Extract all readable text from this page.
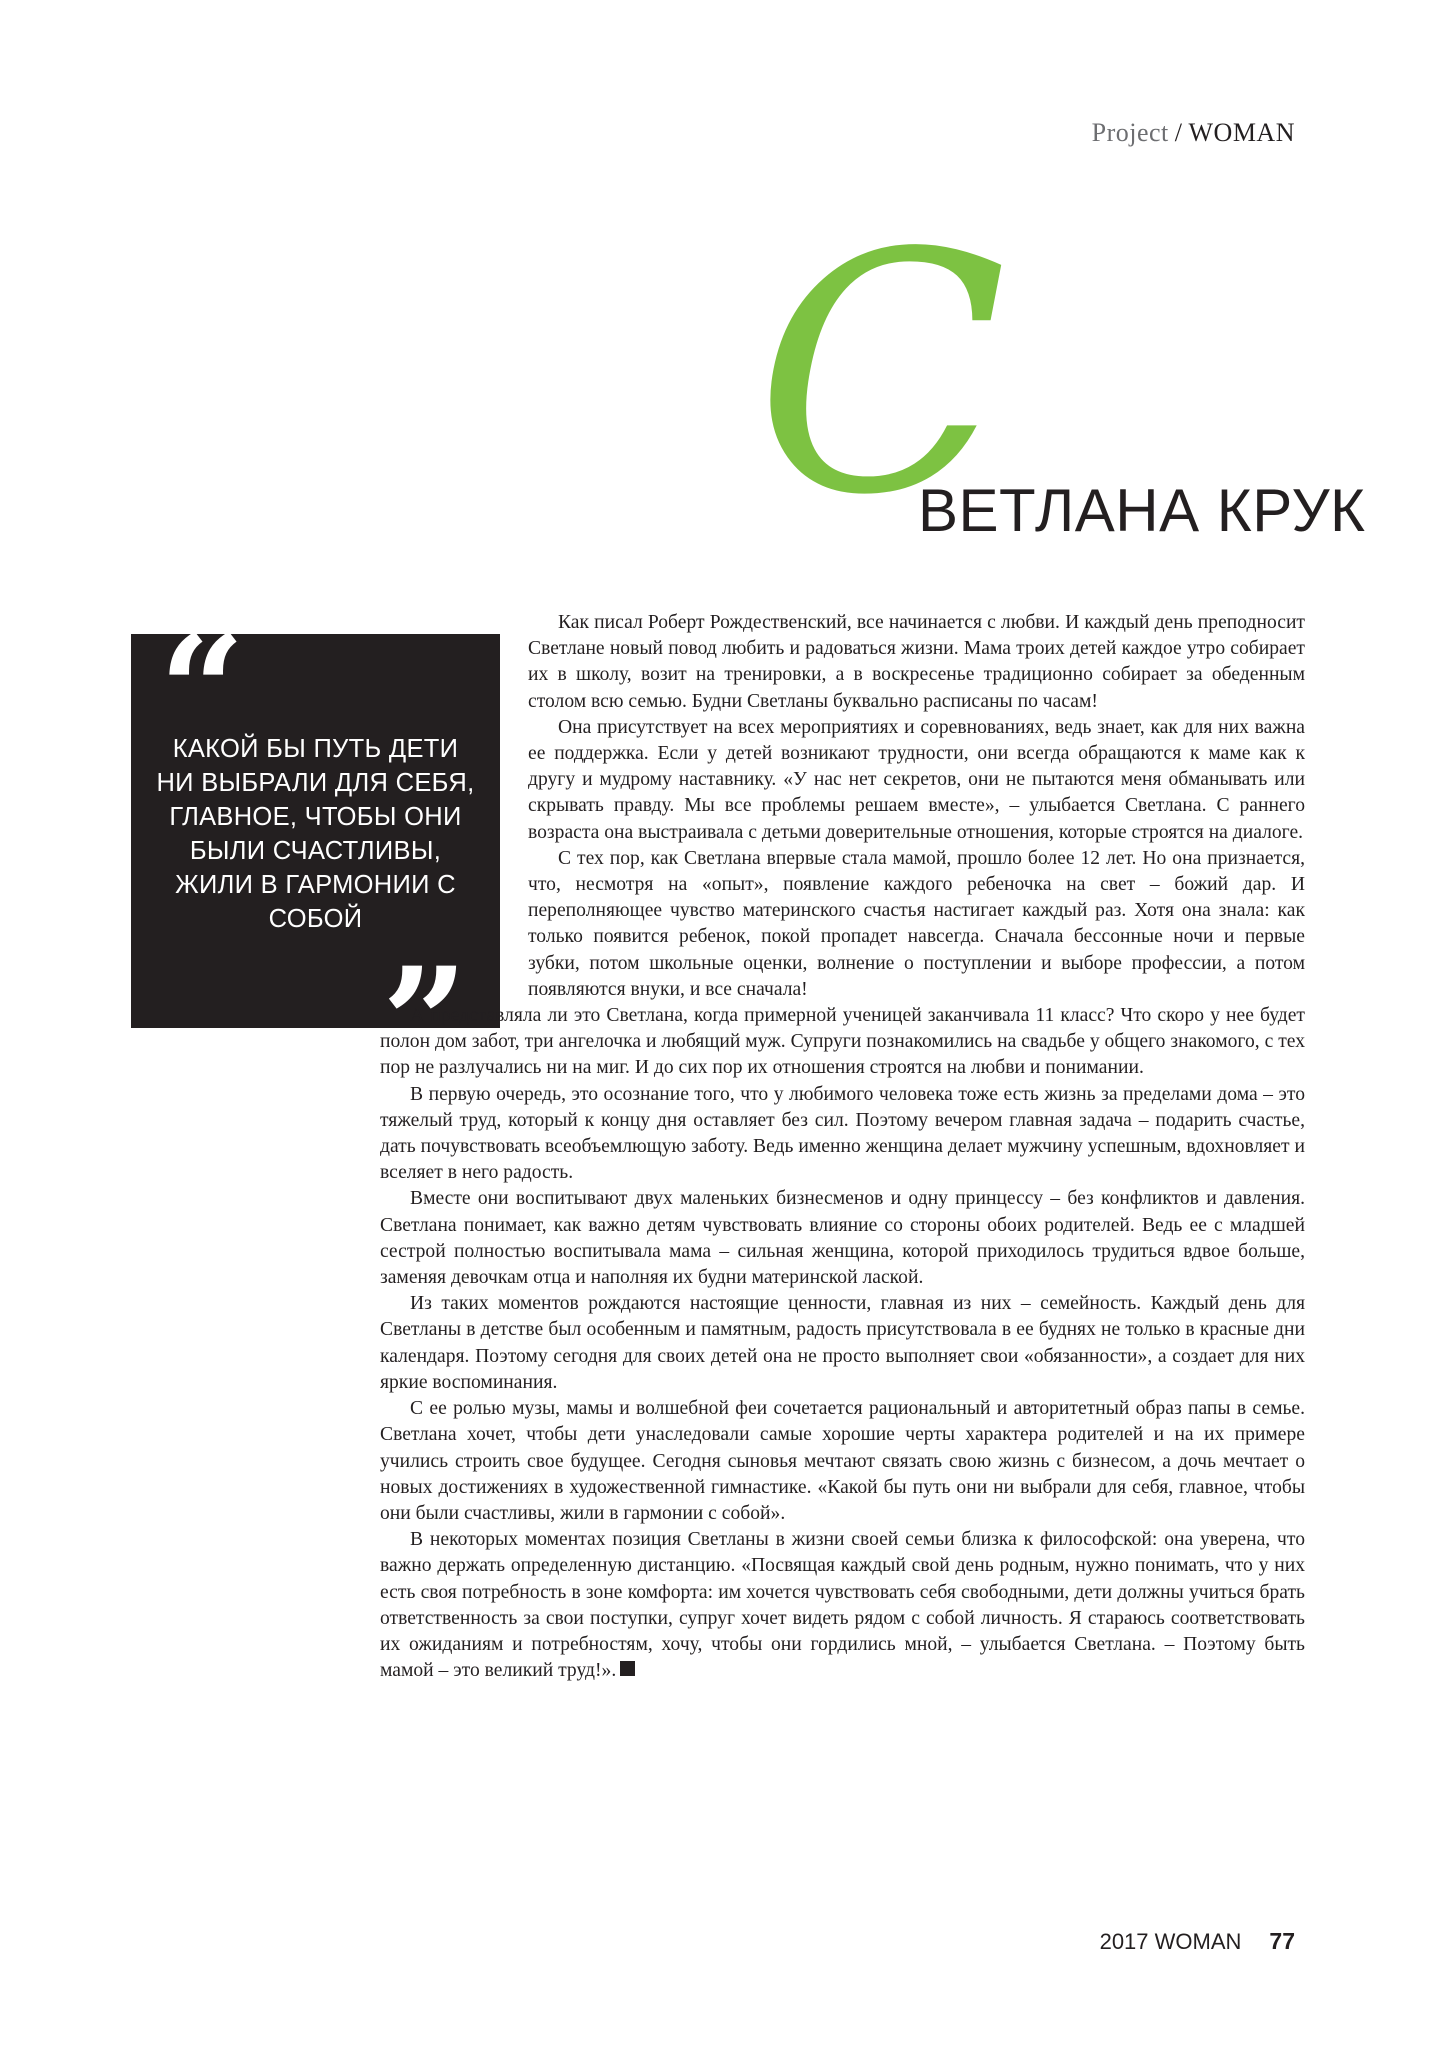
Project / WOMAN
С
ВЕТЛАНА КРУК
“
КАКОЙ БЫ ПУТЬ ДЕТИ НИ ВЫБРАЛИ ДЛЯ СЕБЯ, ГЛАВНОЕ, ЧТОБЫ ОНИ БЫЛИ СЧАСТЛИВЫ, ЖИЛИ В ГАРМОНИИ С СОБОЙ
”

Как писал Роберт Рождественский, все начинается с любви. И каждый день преподносит Светлане новый повод любить и радоваться жизни. Мама троих детей каждое утро собирает их в школу, возит на тренировки, а в воскресенье традиционно собирает за обеденным столом всю семью. Будни Светланы буквально расписаны по часам!

Она присутствует на всех мероприятиях и соревнованиях, ведь знает, как для них важна ее поддержка. Если у детей возникают трудности, они всегда обращаются к маме как к другу и мудрому наставнику. «У нас нет секретов, они не пытаются меня обманывать или скрывать правду. Мы все проблемы решаем вместе», – улыбается Светлана. С раннего возраста она выстраивала с детьми доверительные отношения, которые строятся на диалоге.

С тех пор, как Светлана впервые стала мамой, прошло более 12 лет. Но она признается, что, несмотря на «опыт», появление каждого ребеночка на свет – божий дар. И переполняющее чувство материнского счастья настигает каждый раз. Хотя она знала: как только появится ребенок, покой пропадет навсегда. Сначала бессонные ночи и первые зубки, потом школьные оценки, волнение о поступлении и выборе профессии, а потом появляются внуки, и все сначала!

А представляла ли это Светлана, когда примерной ученицей заканчивала 11 класс? Что скоро у нее будет полон дом забот, три ангелочка и любящий муж. Супруги познакомились на свадьбе у общего знакомого, с тех пор не разлучались ни на миг. И до сих пор их отношения строятся на любви и понимании.

В первую очередь, это осознание того, что у любимого человека тоже есть жизнь за пределами дома – это тяжелый труд, который к концу дня оставляет без сил. Поэтому вечером главная задача – подарить счастье, дать почувствовать всеобъемлющую заботу. Ведь именно женщина делает мужчину успешным, вдохновляет и вселяет в него радость.

Вместе они воспитывают двух маленьких бизнесменов и одну принцессу – без конфликтов и давления. Светлана понимает, как важно детям чувствовать влияние со стороны обоих родителей. Ведь ее с младшей сестрой полностью воспитывала мама – сильная женщина, которой приходилось трудиться вдвое больше, заменяя девочкам отца и наполняя их будни материнской лаской.

Из таких моментов рождаются настоящие ценности, главная из них – семейность. Каждый день для Светланы в детстве был особенным и памятным, радость присутствовала в ее буднях не только в красные дни календаря. Поэтому сегодня для своих детей она не просто выполняет свои «обязанности», а создает для них яркие воспоминания.

С ее ролью музы, мамы и волшебной феи сочетается рациональный и авторитетный образ папы в семье. Светлана хочет, чтобы дети унаследовали самые хорошие черты характера родителей и на их примере учились строить свое будущее. Сегодня сыновья мечтают связать свою жизнь с бизнесом, а дочь мечтает о новых достижениях в художественной гимнастике. «Какой бы путь они ни выбрали для себя, главное, чтобы они были счастливы, жили в гармонии с собой».

В некоторых моментах позиция Светланы в жизни своей семьи близка к философской: она уверена, что важно держать определенную дистанцию. «Посвящая каждый свой день родным, нужно понимать, что у них есть своя потребность в зоне комфорта: им хочется чувствовать себя свободными, дети должны учиться брать ответственность за свои поступки, супруг хочет видеть рядом с собой личность. Я стараюсь соответствовать их ожиданиям и потребностям, хочу, чтобы они гордились мной, – улыбается Светлана. – Поэтому быть мамой – это великий труд!».

2017 WOMAN 77
